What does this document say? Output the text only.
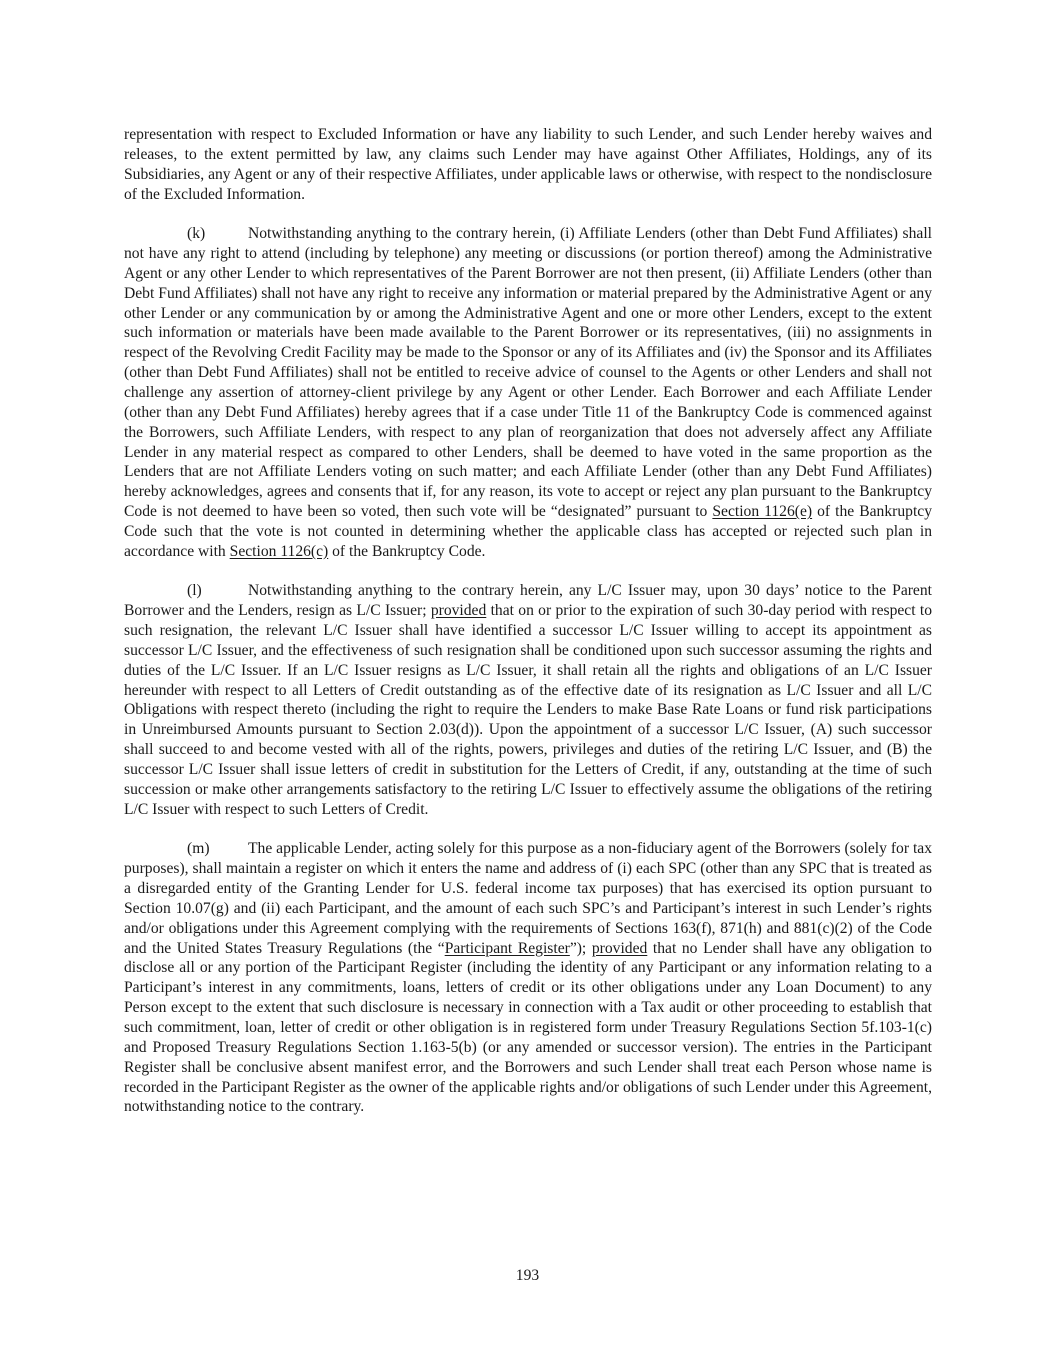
representation with respect to Excluded Information or have any liability to such Lender, and such Lender hereby waives and releases, to the extent permitted by law, any claims such Lender may have against Other Affiliates, Holdings, any of its Subsidiaries, any Agent or any of their respective Affiliates, under applicable laws or otherwise, with respect to the nondisclosure of the Excluded Information.

(k)	Notwithstanding anything to the contrary herein, (i) Affiliate Lenders (other than Debt Fund Affiliates) shall not have any right to attend (including by telephone) any meeting or discussions (or portion thereof) among the Administrative Agent or any other Lender to which representatives of the Parent Borrower are not then present, (ii) Affiliate Lenders (other than Debt Fund Affiliates) shall not have any right to receive any information or material prepared by the Administrative Agent or any other Lender or any communication by or among the Administrative Agent and one or more other Lenders, except to the extent such information or materials have been made available to the Parent Borrower or its representatives, (iii) no assignments in respect of the Revolving Credit Facility may be made to the Sponsor or any of its Affiliates and (iv) the Sponsor and its Affiliates (other than Debt Fund Affiliates) shall not be entitled to receive advice of counsel to the Agents or other Lenders and shall not challenge any assertion of attorney-client privilege by any Agent or other Lender. Each Borrower and each Affiliate Lender (other than any Debt Fund Affiliates) hereby agrees that if a case under Title 11 of the Bankruptcy Code is commenced against the Borrowers, such Affiliate Lenders, with respect to any plan of reorganization that does not adversely affect any Affiliate Lender in any material respect as compared to other Lenders, shall be deemed to have voted in the same proportion as the Lenders that are not Affiliate Lenders voting on such matter; and each Affiliate Lender (other than any Debt Fund Affiliates) hereby acknowledges, agrees and consents that if, for any reason, its vote to accept or reject any plan pursuant to the Bankruptcy Code is not deemed to have been so voted, then such vote will be “designated” pursuant to Section 1126(e) of the Bankruptcy Code such that the vote is not counted in determining whether the applicable class has accepted or rejected such plan in accordance with Section 1126(c) of the Bankruptcy Code.

(l)	Notwithstanding anything to the contrary herein, any L/C Issuer may, upon 30 days’ notice to the Parent Borrower and the Lenders, resign as L/C Issuer; provided that on or prior to the expiration of such 30-day period with respect to such resignation, the relevant L/C Issuer shall have identified a successor L/C Issuer willing to accept its appointment as successor L/C Issuer, and the effectiveness of such resignation shall be conditioned upon such successor assuming the rights and duties of the L/C Issuer. If an L/C Issuer resigns as L/C Issuer, it shall retain all the rights and obligations of an L/C Issuer hereunder with respect to all Letters of Credit outstanding as of the effective date of its resignation as L/C Issuer and all L/C Obligations with respect thereto (including the right to require the Lenders to make Base Rate Loans or fund risk participations in Unreimbursed Amounts pursuant to Section 2.03(d)). Upon the appointment of a successor L/C Issuer, (A) such successor shall succeed to and become vested with all of the rights, powers, privileges and duties of the retiring L/C Issuer, and (B) the successor L/C Issuer shall issue letters of credit in substitution for the Letters of Credit, if any, outstanding at the time of such succession or make other arrangements satisfactory to the retiring L/C Issuer to effectively assume the obligations of the retiring L/C Issuer with respect to such Letters of Credit.

(m) The applicable Lender, acting solely for this purpose as a non-fiduciary agent of the Borrowers (solely for tax purposes), shall maintain a register on which it enters the name and address of (i) each SPC (other than any SPC that is treated as a disregarded entity of the Granting Lender for U.S. federal income tax purposes) that has exercised its option pursuant to Section 10.07(g) and (ii) each Participant, and the amount of each such SPC’s and Participant’s interest in such Lender’s rights and/or obligations under this Agreement complying with the requirements of Sections 163(f), 871(h) and 881(c)(2) of the Code and the United States Treasury Regulations (the “Participant Register”); provided that no Lender shall have any obligation to disclose all or any portion of the Participant Register (including the identity of any Participant or any information relating to a Participant’s interest in any commitments, loans, letters of credit or its other obligations under any Loan Document) to any Person except to the extent that such disclosure is necessary in connection with a Tax audit or other proceeding to establish that such commitment, loan, letter of credit or other obligation is in registered form under Treasury Regulations Section 5f.103-1(c) and Proposed Treasury Regulations Section 1.163-5(b) (or any amended or successor version). The entries in the Participant Register shall be conclusive absent manifest error, and the Borrowers and such Lender shall treat each Person whose name is recorded in the Participant Register as the owner of the applicable rights and/or obligations of such Lender under this Agreement, notwithstanding notice to the contrary.

193
